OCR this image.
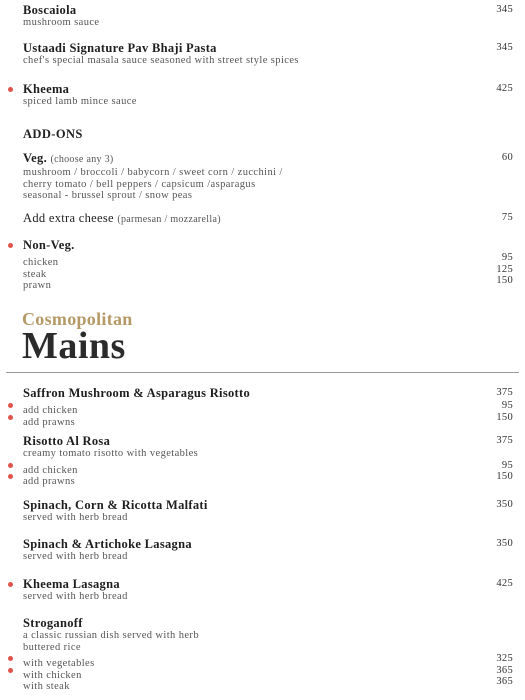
Boscaiola
mushroom sauce
345
Ustaadi Signature Pav Bhaji Pasta
chef's special masala sauce seasoned with street style spices
345
Kheema
spiced lamb mince sauce
425
ADD-ONS
Veg. (choose any 3)
mushroom / broccoli / babycorn / sweet corn / zucchini /
cherry tomato / bell peppers / capsicum /asparagus
seasonal - brussel sprout / snow peas
60
Add extra cheese (parmesan / mozzarella)	75
Non-Veg.
chicken	95
steak	125
prawn	150
Cosmopolitan
Mains
Saffron Mushroom & Asparagus Risotto	375
add chicken	95
add prawns	150
Risotto Al Rosa	375
creamy tomato risotto with vegetables
add chicken	95
add prawns	150
Spinach, Corn & Ricotta Malfati
served with herb bread
350
Spinach & Artichoke Lasagna
served with herb bread
350
Kheema Lasagna
served with herb bread
425
Stroganoff
a classic russian dish served with herb
buttered rice
with vegetables	325
with chicken	365
with steak	365
